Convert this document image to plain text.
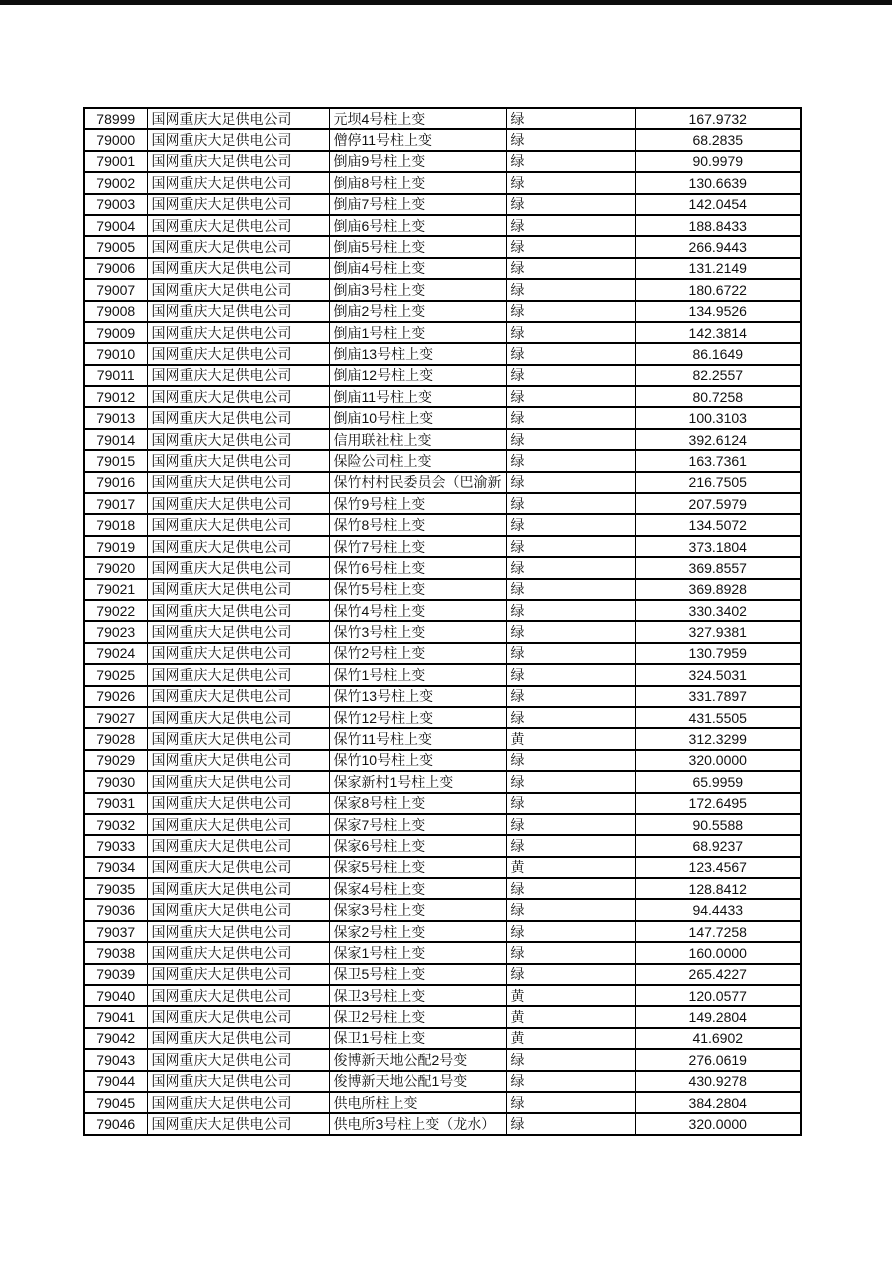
78999	国网重庆大足供电公司	元坝4号柱上变	绿	167.9732
79000	国网重庆大足供电公司	僧停11号柱上变	绿	68.2835
79001	国网重庆大足供电公司	倒庙9号柱上变	绿	90.9979
79002	国网重庆大足供电公司	倒庙8号柱上变	绿	130.6639
79003	国网重庆大足供电公司	倒庙7号柱上变	绿	142.0454
79004	国网重庆大足供电公司	倒庙6号柱上变	绿	188.8433
79005	国网重庆大足供电公司	倒庙5号柱上变	绿	266.9443
79006	国网重庆大足供电公司	倒庙4号柱上变	绿	131.2149
79007	国网重庆大足供电公司	倒庙3号柱上变	绿	180.6722
79008	国网重庆大足供电公司	倒庙2号柱上变	绿	134.9526
79009	国网重庆大足供电公司	倒庙1号柱上变	绿	142.3814
79010	国网重庆大足供电公司	倒庙13号柱上变	绿	86.1649
79011	国网重庆大足供电公司	倒庙12号柱上变	绿	82.2557
79012	国网重庆大足供电公司	倒庙11号柱上变	绿	80.7258
79013	国网重庆大足供电公司	倒庙10号柱上变	绿	100.3103
79014	国网重庆大足供电公司	信用联社柱上变	绿	392.6124
79015	国网重庆大足供电公司	保险公司柱上变	绿	163.7361
79016	国网重庆大足供电公司	保竹村村民委员会（巴渝新	绿	216.7505
79017	国网重庆大足供电公司	保竹9号柱上变	绿	207.5979
79018	国网重庆大足供电公司	保竹8号柱上变	绿	134.5072
79019	国网重庆大足供电公司	保竹7号柱上变	绿	373.1804
79020	国网重庆大足供电公司	保竹6号柱上变	绿	369.8557
79021	国网重庆大足供电公司	保竹5号柱上变	绿	369.8928
79022	国网重庆大足供电公司	保竹4号柱上变	绿	330.3402
79023	国网重庆大足供电公司	保竹3号柱上变	绿	327.9381
79024	国网重庆大足供电公司	保竹2号柱上变	绿	130.7959
79025	国网重庆大足供电公司	保竹1号柱上变	绿	324.5031
79026	国网重庆大足供电公司	保竹13号柱上变	绿	331.7897
79027	国网重庆大足供电公司	保竹12号柱上变	绿	431.5505
79028	国网重庆大足供电公司	保竹11号柱上变	黄	312.3299
79029	国网重庆大足供电公司	保竹10号柱上变	绿	320.0000
79030	国网重庆大足供电公司	保家新村1号柱上变	绿	65.9959
79031	国网重庆大足供电公司	保家8号柱上变	绿	172.6495
79032	国网重庆大足供电公司	保家7号柱上变	绿	90.5588
79033	国网重庆大足供电公司	保家6号柱上变	绿	68.9237
79034	国网重庆大足供电公司	保家5号柱上变	黄	123.4567
79035	国网重庆大足供电公司	保家4号柱上变	绿	128.8412
79036	国网重庆大足供电公司	保家3号柱上变	绿	94.4433
79037	国网重庆大足供电公司	保家2号柱上变	绿	147.7258
79038	国网重庆大足供电公司	保家1号柱上变	绿	160.0000
79039	国网重庆大足供电公司	保卫5号柱上变	绿	265.4227
79040	国网重庆大足供电公司	保卫3号柱上变	黄	120.0577
79041	国网重庆大足供电公司	保卫2号柱上变	黄	149.2804
79042	国网重庆大足供电公司	保卫1号柱上变	黄	41.6902
79043	国网重庆大足供电公司	俊博新天地公配2号变	绿	276.0619
79044	国网重庆大足供电公司	俊博新天地公配1号变	绿	430.9278
79045	国网重庆大足供电公司	供电所柱上变	绿	384.2804
79046	国网重庆大足供电公司	供电所3号柱上变（龙水）	绿	320.0000
